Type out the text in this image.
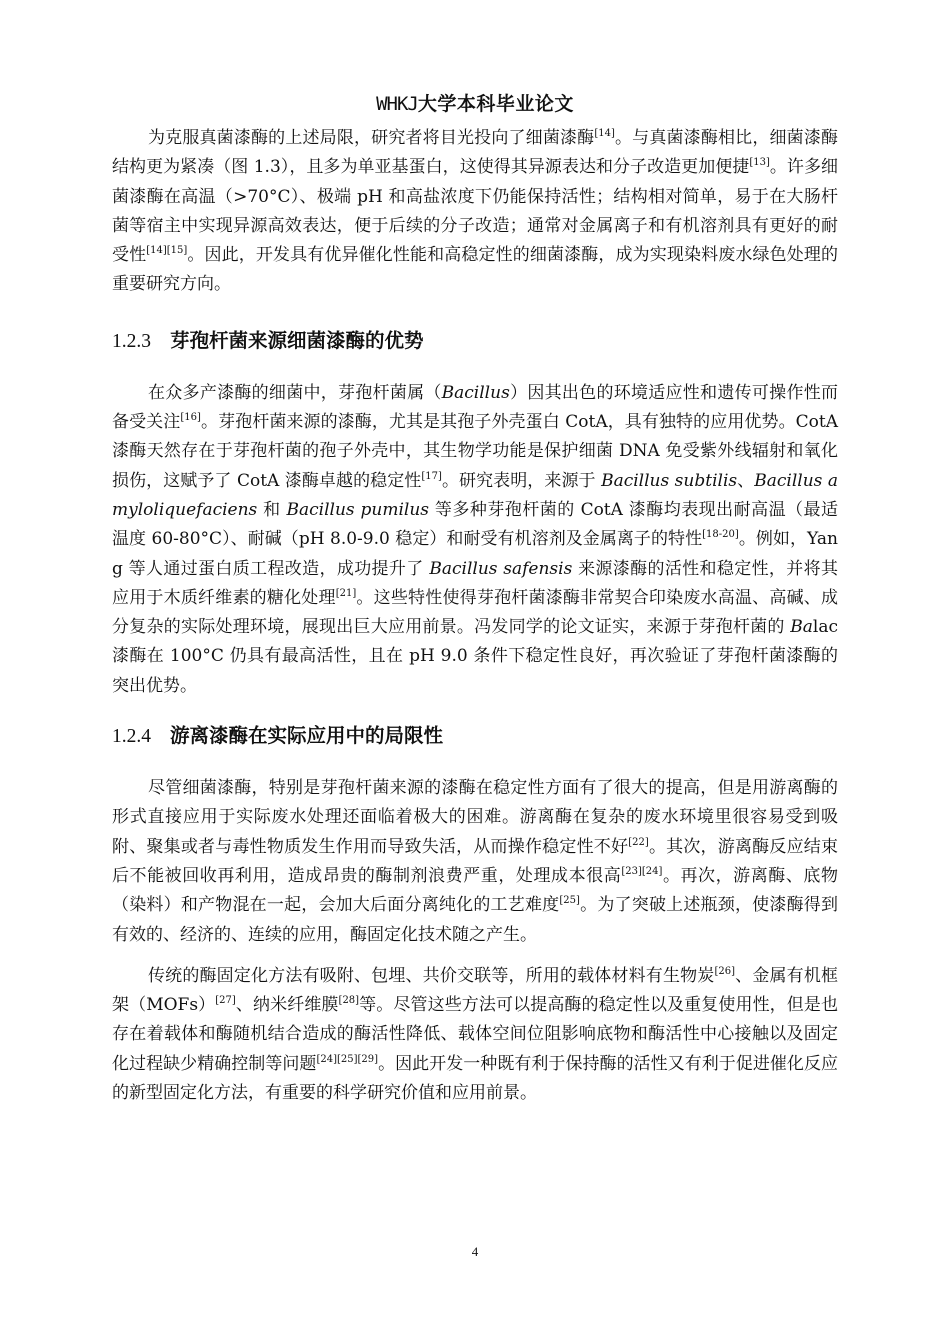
WHKJ大学本科毕业论文

为克服真菌漆酶的上述局限，研究者将目光投向了细菌漆酶[14]。与真菌漆酶相比，细菌漆酶结构更为紧凑（图 1.3），且多为单亚基蛋白，这使得其异源表达和分子改造更加便捷[13]。许多细菌漆酶在高温（>70°C）、极端 pH 和高盐浓度下仍能保持活性；结构相对简单，易于在大肠杆菌等宿主中实现异源高效表达，便于后续的分子改造；通常对金属离子和有机溶剂具有更好的耐受性[14][15]。因此，开发具有优异催化性能和高稳定性的细菌漆酶，成为实现染料废水绿色处理的重要研究方向。

1.2.3 芽孢杆菌来源细菌漆酶的优势

在众多产漆酶的细菌中，芽孢杆菌属（Bacillus）因其出色的环境适应性和遗传可操作性而备受关注[16]。芽孢杆菌来源的漆酶，尤其是其孢子外壳蛋白 CotA，具有独特的应用优势。CotA 漆酶天然存在于芽孢杆菌的孢子外壳中，其生物学功能是保护细菌 DNA 免受紫外线辐射和氧化损伤，这赋予了 CotA 漆酶卓越的稳定性[17]。研究表明，来源于 Bacillus subtilis、Bacillus amyloliquefaciens 和 Bacillus pumilus 等多种芽孢杆菌的 CotA 漆酶均表现出耐高温（最适温度 60-80°C）、耐碱（pH 8.0-9.0 稳定）和耐受有机溶剂及金属离子的特性[18-20]。例如，Yang 等人通过蛋白质工程改造，成功提升了 Bacillus safensis 来源漆酶的活性和稳定性，并将其应用于木质纤维素的糖化处理[21]。这些特性使得芽孢杆菌漆酶非常契合印染废水高温、高碱、成分复杂的实际处理环境，展现出巨大应用前景。冯发同学的论文证实，来源于芽孢杆菌的 Balac 漆酶在 100°C 仍具有最高活性，且在 pH 9.0 条件下稳定性良好，再次验证了芽孢杆菌漆酶的突出优势。

1.2.4 游离漆酶在实际应用中的局限性

尽管细菌漆酶，特别是芽孢杆菌来源的漆酶在稳定性方面有了很大的提高，但是用游离酶的形式直接应用于实际废水处理还面临着极大的困难。游离酶在复杂的废水环境里很容易受到吸附、聚集或者与毒性物质发生作用而导致失活，从而操作稳定性不好[22]。其次，游离酶反应结束后不能被回收再利用，造成昂贵的酶制剂浪费严重，处理成本很高[23][24]。再次，游离酶、底物（染料）和产物混在一起，会加大后面分离纯化的工艺难度[25]。为了突破上述瓶颈，使漆酶得到有效的、经济的、连续的应用，酶固定化技术随之产生。

传统的酶固定化方法有吸附、包埋、共价交联等，所用的载体材料有生物炭[26]、金属有机框架（MOFs）[27]、纳米纤维膜[28]等。尽管这些方法可以提高酶的稳定性以及重复使用性，但是也存在着载体和酶随机结合造成的酶活性降低、载体空间位阻影响底物和酶活性中心接触以及固定化过程缺少精确控制等问题[24][25][29]。因此开发一种既有利于保持酶的活性又有利于促进催化反应的新型固定化方法，有重要的科学研究价值和应用前景。

4
